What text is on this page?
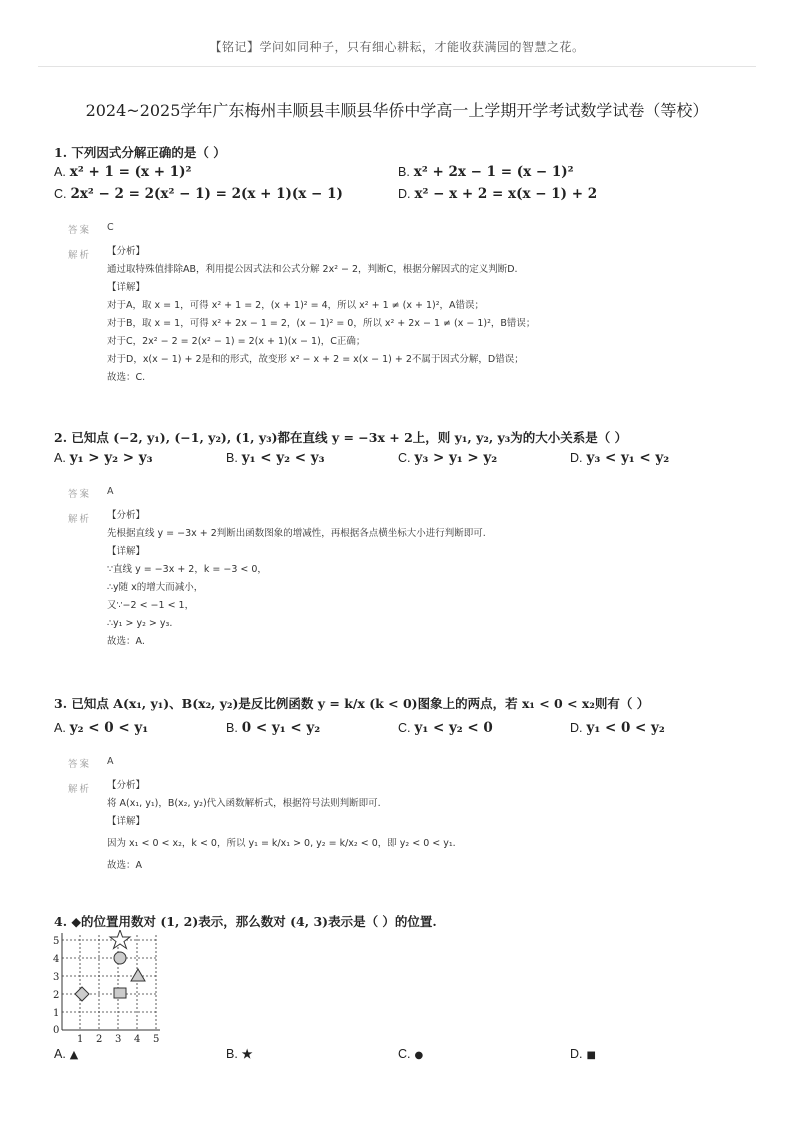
【铭记】学问如同种子，只有细心耕耘，才能收获满园的智慧之花。
2024~2025学年广东梅州丰顺县丰顺县华侨中学高一上学期开学考试数学试卷（等校）
1. 下列因式分解正确的是（ ）
A. x² + 1 = (x + 1)²	B. x² + 2x − 1 = (x − 1)²
C. 2x² − 2 = 2(x² − 1) = 2(x + 1)(x − 1)	D. x² − x + 2 = x(x − 1) + 2
答案 C
解析 【分析】
通过取特殊值排除AB，利用提公因式法和公式分解 2x² − 2，判断C，根据分解因式的定义判断D.
【详解】
对于A，取 x = 1，可得 x² + 1 = 2，(x + 1)² = 4，所以 x² + 1 ≠ (x + 1)²，A错误；
对于B，取 x = 1，可得 x² + 2x − 1 = 2，(x − 1)² = 0，所以 x² + 2x − 1 ≠ (x − 1)²，B错误；
对于C，2x² − 2 = 2(x² − 1) = 2(x + 1)(x − 1)，C正确；
对于D，x(x − 1) + 2是和的形式，故变形 x² − x + 2 = x(x − 1) + 2不属于因式分解，D错误；
故选：C.
2. 已知点 (−2, y₁), (−1, y₂), (1, y₃)都在直线 y = −3x + 2上，则 y₁, y₂, y₃为的大小关系是（ ）
A. y₁ > y₂ > y₃	B. y₁ < y₂ < y₃	C. y₃ > y₁ > y₂	D. y₃ < y₁ < y₂
答案 A
解析 【分析】
先根据直线 y = −3x + 2判断出函数图象的增减性，再根据各点横坐标大小进行判断即可.
【详解】
∵直线 y = −3x + 2，k = −3 < 0，
∴y随 x的增大而减小，
又∵−2 < −1 < 1，
∴y₁ > y₂ > y₃.
故选：A.
3. 已知点 A(x₁, y₁)、B(x₂, y₂)是反比例函数 y = k/x (k < 0)图象上的两点，若 x₁ < 0 < x₂则有（ ）
A. y₂ < 0 < y₁	B. 0 < y₁ < y₂	C. y₁ < y₂ < 0	D. y₁ < 0 < y₂
答案 A
解析 【分析】
将 A(x₁, y₁)，B(x₂, y₂)代入函数解析式，根据符号法则判断即可.
【详解】
因为 x₁ < 0 < x₂，k < 0，所以 y₁ = k/x₁ > 0, y₂ = k/x₂ < 0，即 y₂ < 0 < y₁.
故选：A
4. ◆的位置用数对 (1, 2)表示，那么数对 (4, 3)表示是（ ）的位置.
1 2 3 4 5
0
1
2
3
4
5
A. ▲	B. ★	C. ●	D. ■
